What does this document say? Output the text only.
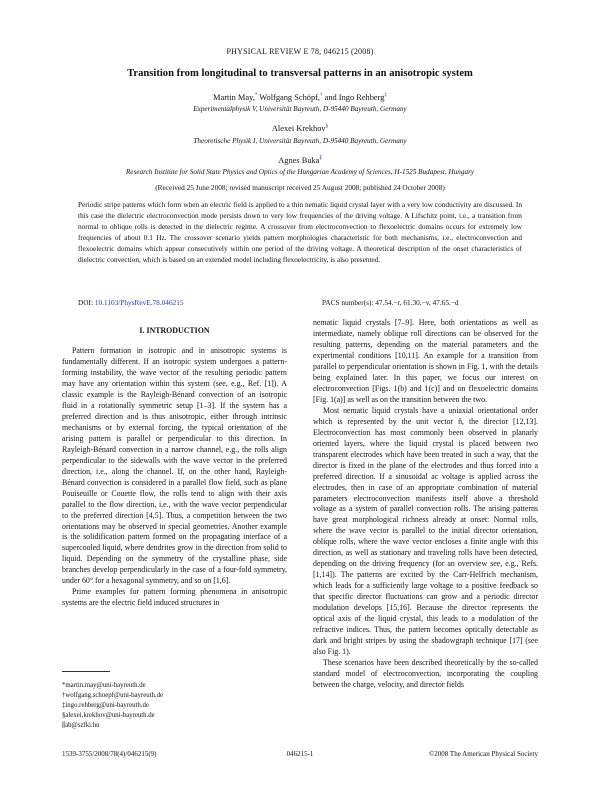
PHYSICAL REVIEW E 78, 046215 (2008)
Transition from longitudinal to transversal patterns in an anisotropic system
Martin May,* Wolfgang Schöpf,† and Ingo Rehberg‡
Experimentalphysik V, Universität Bayreuth, D-95440 Bayreuth, Germany
Alexei Krekhov§
Theoretische Physik I, Universität Bayreuth, D-95440 Bayreuth, Germany
Agnes Buka∥
Research Institute for Solid State Physics and Optics of the Hungarian Academy of Sciences, H-1525 Budapest, Hungary
(Received 25 June 2008; revised manuscript received 25 August 2008; published 24 October 2008)
Periodic stripe patterns which form when an electric field is applied to a thin nematic liquid crystal layer with a very low conductivity are discussed. In this case the dielectric electroconvection mode persists down to very low frequencies of the driving voltage. A Lifschitz point, i.e., a transition from normal to oblique rolls is detected in the dielectric regime. A crossover from electroconvection to flexoelectric domains occurs for extremely low frequencies of about 0.1 Hz. The crossover scenario yields pattern morphologies characteristic for both mechanisms, i.e., electroconvection and flexoelectric domains which appear consecutively within one period of the driving voltage. A theoretical description of the onset characteristics of dielectric convection, which is based on an extended model including flexoelectricity, is also presented.
DOI: 10.1103/PhysRevE.78.046215	PACS number(s): 47.54.−r, 61.30.−v, 47.65.−d
I. INTRODUCTION

Pattern formation in isotropic and in anisotropic systems is fundamentally different. If an isotropic system undergoes a pattern-forming instability, the wave vector of the resulting periodic pattern may have any orientation within this system (see, e.g., Ref. [1]). A classic example is the Rayleigh-Bénard convection of an isotropic fluid in a rotationally symmetric setup [1–3]. If the system has a preferred direction and is thus anisotropic, either through intrinsic mechanisms or by external forcing, the typical orientation of the arising pattern is parallel or perpendicular to this direction. In Rayleigh-Bénard convection in a narrow channel, e.g., the rolls align perpendicular to the sidewalls with the wave vector in the preferred direction, i.e., along the channel. If, on the other hand, Rayleigh-Bénard convection is considered in a parallel flow field, such as plane Pouiseuille or Couette flow, the rolls tend to align with their axis parallel to the flow direction, i.e., with the wave vector perpendicular to the preferred direction [4,5]. Thus, a competition between the two orientations may be observed in special geometries. Another example is the solidification pattern formed on the propagating interface of a supercooled liquid, where dendrites grow in the direction from solid to liquid. Depending on the symmetry of the crystalline phase, side branches develop perpendicularly in the case of a four-fold symmetry, under 60° for a hexagonal symmetry, and so on [1,6].

Prime examples for pattern forming phenomena in anisotropic systems are the electric field induced structures in

nematic liquid crystals [7–9]. Here, both orientations as well as intermediate, namely oblique roll directions can be observed for the resulting patterns, depending on the material parameters and the experimental conditions [10,11]. An example for a transition from parallel to perpendicular orientation is shown in Fig. 1, with the details being explained later. In this paper, we focus our interest on electroconvection [Figs. 1(b) and 1(c)] and on flexoelectric domains [Fig. 1(a)] as well as on the transition between the two.

Most nematic liquid crystals have a uniaxial orientational order which is represented by the unit vector n̂, the director [12,13]. Electroconvection has most commonly been observed in planarly oriented layers, where the liquid crystal is placed between two transparent electrodes which have been treated in such a way, that the director is fixed in the plane of the electrodes and thus forced into a preferred direction. If a sinusoidal ac voltage is applied across the electrodes, then in case of an appropriate combination of material parameters electroconvection manifests itself above a threshold voltage as a system of parallel convection rolls. The arising patterns have great morphological richness already at onset: Normal rolls, where the wave vector is parallel to the initial director orientation, oblique rolls, where the wave vector encloses a finite angle with this direction, as well as stationary and traveling rolls have been detected, depending on the driving frequency (for an overview see, e.g., Refs. [1,14]). The patterns are excited by the Carr-Helfrich mechanism, which leads for a sufficiently large voltage to a positive feedback so that specific director fluctuations can grow and a periodic director modulation develops [15,16]. Because the director represents the optical axis of the liquid crystal, this leads to a modulation of the refractive indices. Thus, the pattern becomes optically detectable as dark and bright stripes by using the shadowgraph technique [17] (see also Fig. 1).

These scenarios have been described theoretically by the so-called standard model of electroconvection, incorporating the coupling between the charge, velocity, and director fields

*martin.may@uni-bayreuth.de
†wolfgang.schoepf@uni-bayreuth.de
‡ingo.rehberg@uni-bayreuth.de
§alexei.krekhov@uni-bayreuth.de
∥ab@szfki.hu
1539-3755/2008/78(4)/046215(9)	046215-1	©2008 The American Physical Society
